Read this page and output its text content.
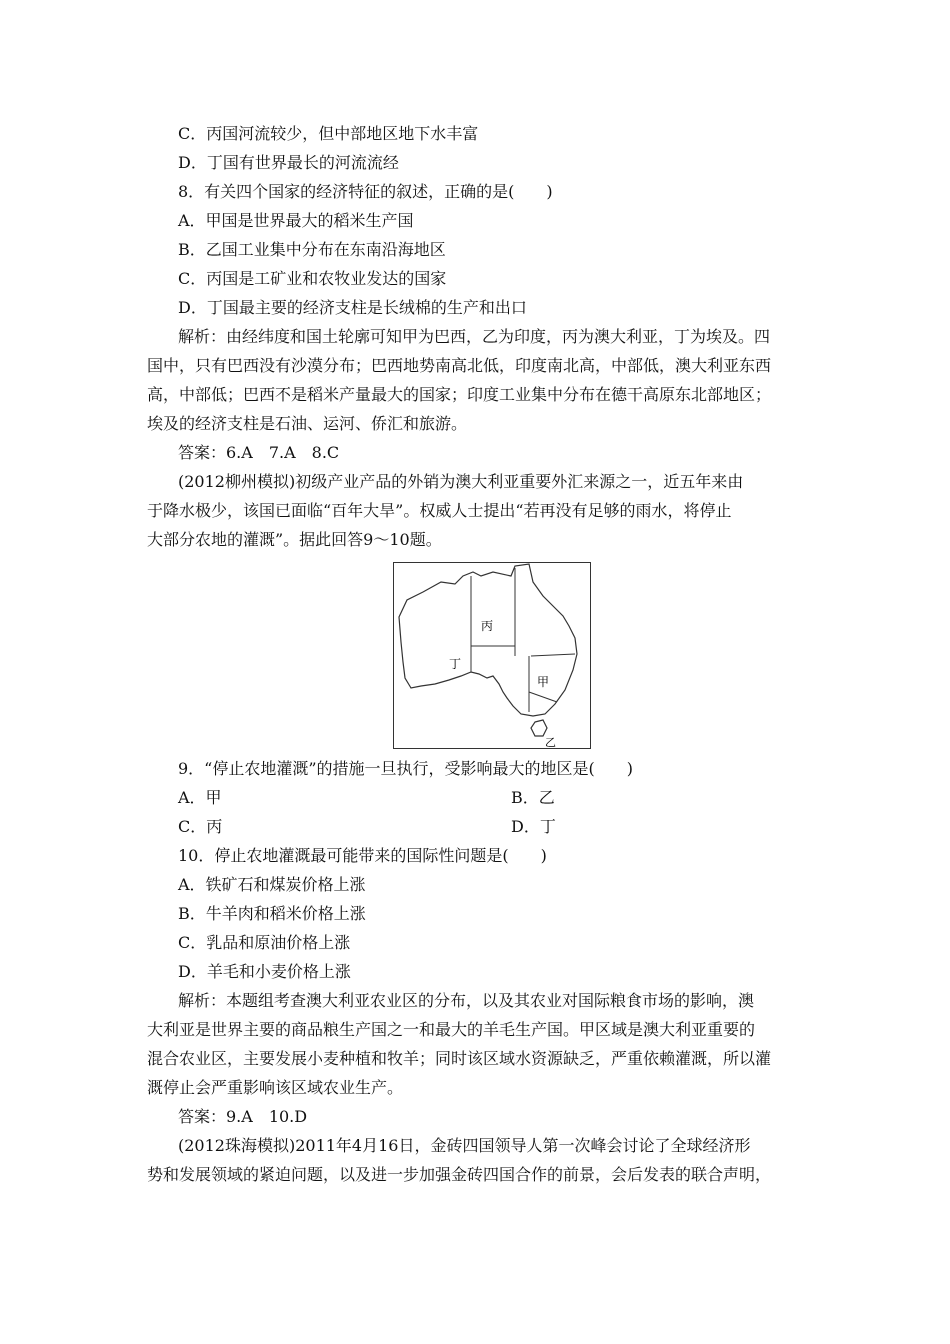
C．丙国河流较少，但中部地区地下水丰富
D．丁国有世界最长的河流流经
8．有关四个国家的经济特征的叙述，正确的是(　　)
A．甲国是世界最大的稻米生产国
B．乙国工业集中分布在东南沿海地区
C．丙国是工矿业和农牧业发达的国家
D．丁国最主要的经济支柱是长绒棉的生产和出口
解析：由经纬度和国土轮廓可知甲为巴西，乙为印度，丙为澳大利亚，丁为埃及。四
国中，只有巴西没有沙漠分布；巴西地势南高北低，印度南北高，中部低，澳大利亚东西
高，中部低；巴西不是稻米产量最大的国家；印度工业集中分布在德干高原东北部地区；
埃及的经济支柱是石油、运河、侨汇和旅游。
答案：6.A　7.A　8.C
(2012柳州模拟)初级产业产品的外销为澳大利亚重要外汇来源之一，近五年来由
于降水极少，该国已面临“百年大旱”。权威人士提出“若再没有足够的雨水，将停止
大部分农地的灌溉”。据此回答9～10题。
丙
丁
甲
乙
9．“停止农地灌溉”的措施一旦执行，受影响最大的地区是(　　)
A．甲	B．乙
C．丙	D．丁
10．停止农地灌溉最可能带来的国际性问题是(　　)
A．铁矿石和煤炭价格上涨
B．牛羊肉和稻米价格上涨
C．乳品和原油价格上涨
D．羊毛和小麦价格上涨
解析：本题组考查澳大利亚农业区的分布，以及其农业对国际粮食市场的影响，澳
大利亚是世界主要的商品粮生产国之一和最大的羊毛生产国。甲区域是澳大利亚重要的
混合农业区，主要发展小麦种植和牧羊；同时该区域水资源缺乏，严重依赖灌溉，所以灌
溉停止会严重影响该区域农业生产。
答案：9.A　10.D
(2012珠海模拟)2011年4月16日，金砖四国领导人第一次峰会讨论了全球经济形
势和发展领域的紧迫问题，以及进一步加强金砖四国合作的前景，会后发表的联合声明，
